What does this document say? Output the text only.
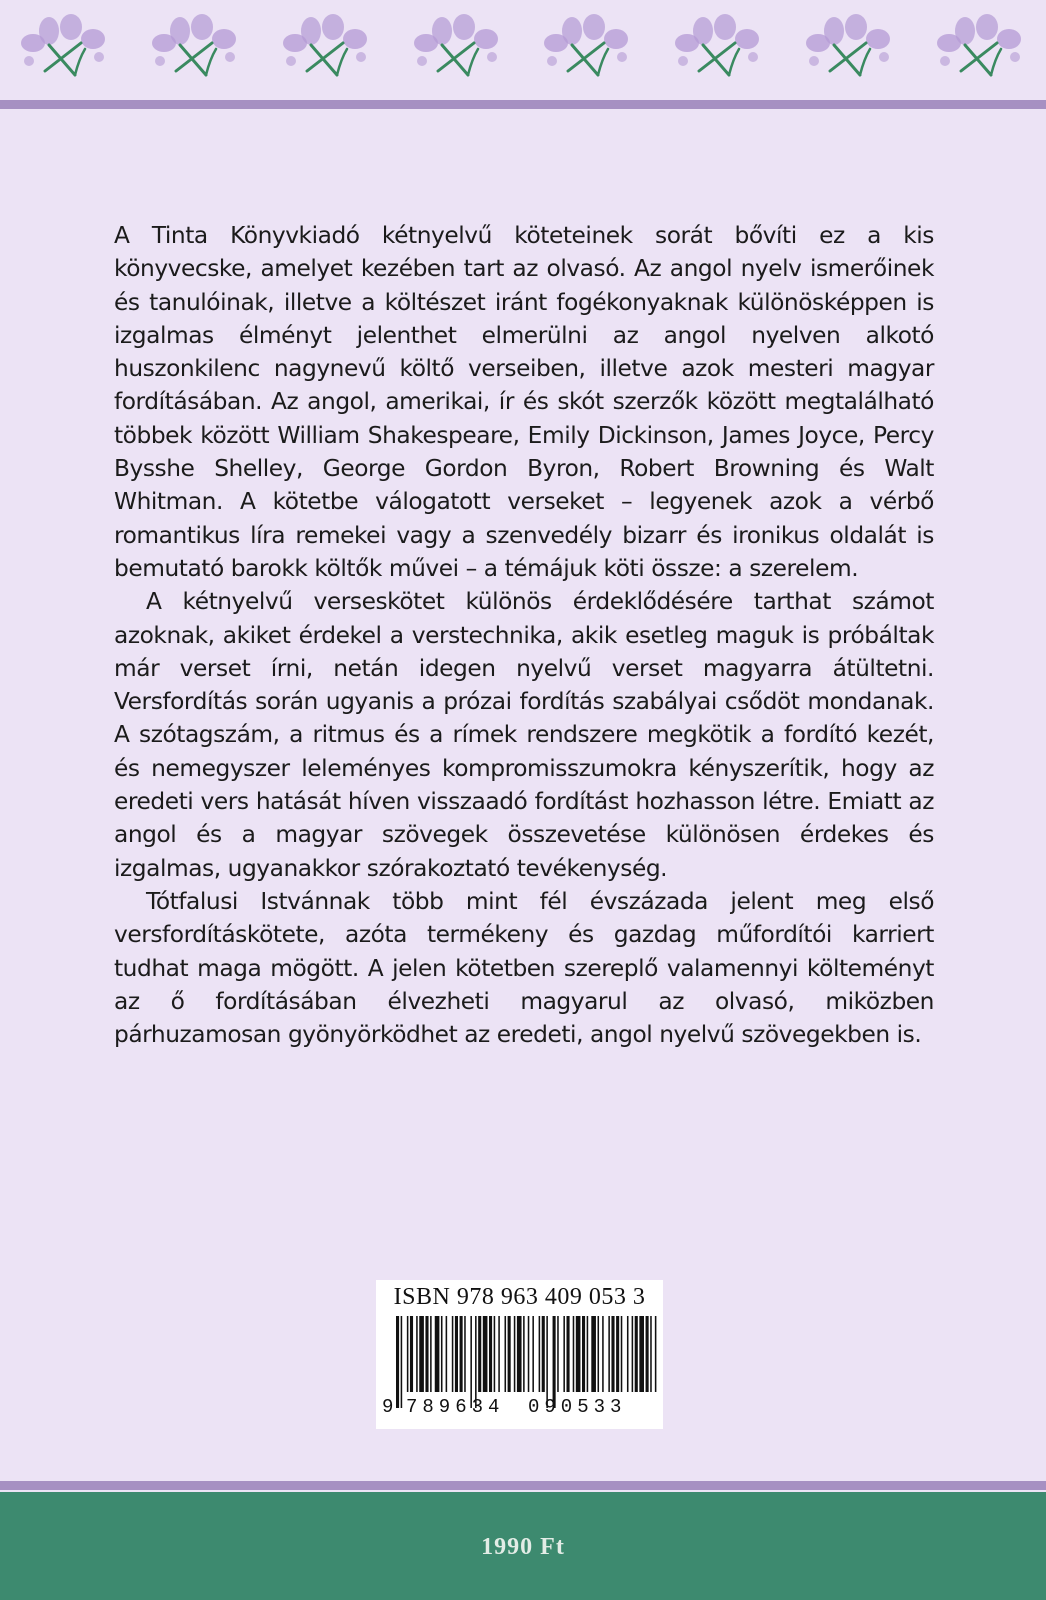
A Tinta Könyvkiadó kétnyelvű köteteinek sorát bővíti ez a kis könyvecske, amelyet kezében tart az olvasó. Az angol nyelv ismerőinek és tanulóinak, illetve a költészet iránt fogékonyaknak különösképpen is izgalmas élményt jelenthet elmerülni az angol nyelven alkotó huszonkilenc nagynevű költő verseiben, illetve azok mesteri magyar fordításában. Az angol, amerikai, ír és skót szerzők között megtalálható többek között William Shakespeare, Emily Dickinson, James Joyce, Percy Bysshe Shelley, George Gordon Byron, Robert Browning és Walt Whitman. A kötetbe válogatott verseket – legyenek azok a vérbő romantikus líra remekei vagy a szenvedély bizarr és ironikus oldalát is bemutató barokk költők művei – a témájuk köti össze: a szerelem.

A kétnyelvű verseskötet különös érdeklődésére tarthat számot azoknak, akiket érdekel a verstechnika, akik esetleg maguk is próbáltak már verset írni, netán idegen nyelvű verset magyarra átültetni. Versfordítás során ugyanis a prózai fordítás szabályai csődöt mondanak. A szótagszám, a ritmus és a rímek rendszere megkötik a fordító kezét, és nemegyszer leleményes kompromisszumokra kényszerítik, hogy az eredeti vers hatását híven visszaadó fordítást hozhasson létre. Emiatt az angol és a magyar szövegek összevetése különösen érdekes és izgalmas, ugyanakkor szórakoztató tevékenység.

Tótfalusi Istvánnak több mint fél évszázada jelent meg első versfordításkötete, azóta termékeny és gazdag műfordítói karriert tudhat maga mögött. A jelen kötetben szereplő valamennyi költeményt az ő fordításában élvezheti magyarul az olvasó, miközben párhuzamosan gyönyörködhet az eredeti, angol nyelvű szövegekben is.

ISBN 978 963 409 053 3
9 789634 090533
1990 Ft
